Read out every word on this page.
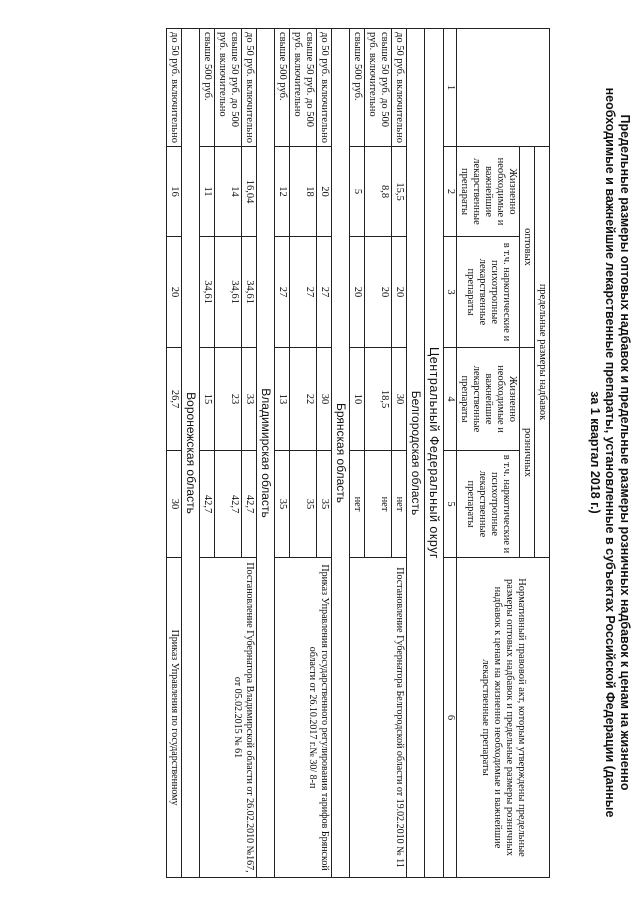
Предельные размеры оптовых надбавок и предельные размеры розничных надбавок к ценам на жизненно
необходимые и важнейшие лекарственные препараты, установленные в субъектах Российской Федерации (данные
за 1 квартал 2018 г.)
	предельные размеры надбавок				Нормативный правовой акт, которым утверждены предельные размеры оптовых надбавок и предельные размеры розничных надбавок к ценам на жизненно необходимые и важнейшие лекарственные препараты
	оптовых		розничных		
	Жизненно необходимые и важнейшие лекарственные препараты	в т.ч. наркотические и психотропные лекарственные препараты	Жизненно необходимые и важнейшие лекарственные препараты	в т.ч. наркотические и психотропные лекарственные препараты	
1	2	3	4	5	6
Центральный Федеральный округ					
Белгородская область					
до 50 руб. включительно	15,5	20	30	нет	Постановление Губернатора Белгородской области от 19.02.2010 № 11
свыше 50 руб. до 500 руб. включительно	8,8	20	18,5	нет	
свыше 500 руб.	5	20	10	нет	
Брянская область					
до 50 руб. включительно	20	27	30	35	Приказ Управления государственного регулирования тарифов Брянской области от 26.10.2017 г.№ 30/ 8-п
свыше 50 руб. до 500 руб. включительно	18	27	22	35	
свыше 500 руб.	12	27	13	35	
Владимирская область					
до 50 руб. включительно	16,04	34,61	33	42,7	Постановление Губернатора Владимирской области от 26.02.2010 №167, от 05.02.2015 № 61
свыше 50 руб. до 500 руб. включительно	14	34,61	23	42,7	
свыше 500 руб.	11	34,61	15	42,7	
Воронежская область					
до 50 руб. включительно	16	20	26,7	30	Приказ Управления по государственному
